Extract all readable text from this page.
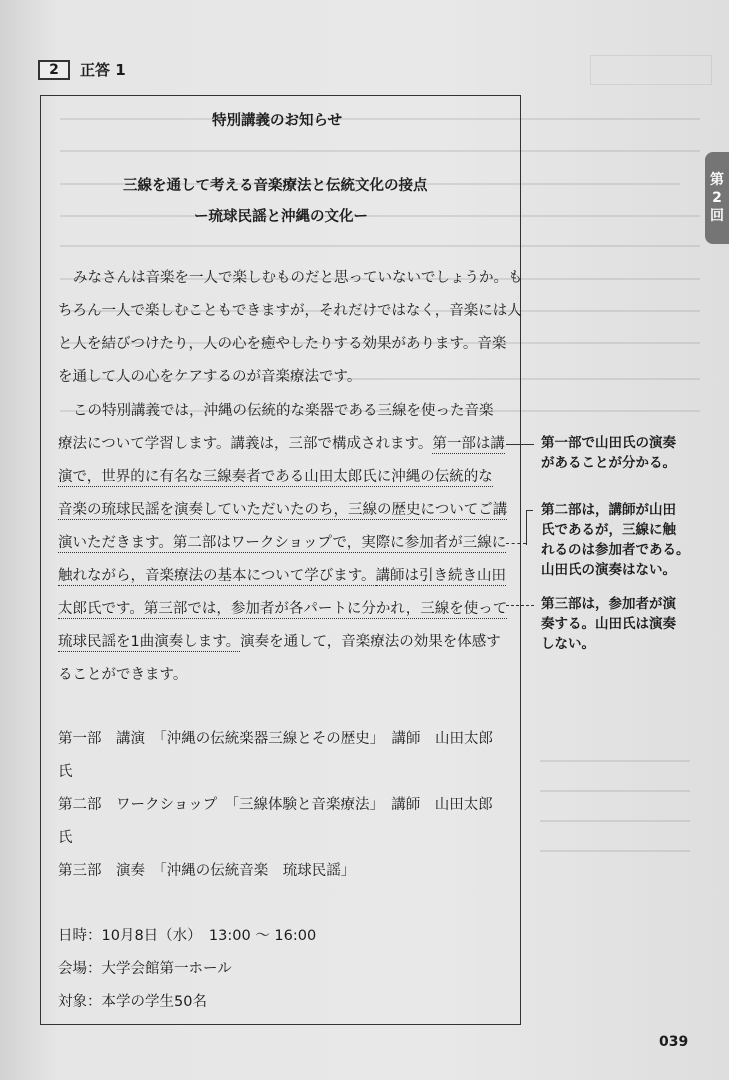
2	正答 1
第
2
回
特別講義のお知らせ
三線を通して考える音楽療法と伝統文化の接点
ー琉球民謡と沖縄の文化ー
みなさんは音楽を一人で楽しむものだと思っていないでしょうか。も
ちろん一人で楽しむこともできますが，それだけではなく，音楽には人
と人を結びつけたり，人の心を癒やしたりする効果があります。音楽
を通して人の心をケアするのが音楽療法です。
この特別講義では，沖縄の伝統的な楽器である三線を使った音楽
療法について学習します。講義は，三部で構成されます。第一部は講
演で，世界的に有名な三線奏者である山田太郎氏に沖縄の伝統的な
音楽の琉球民謡を演奏していただいたのち，三線の歴史についてご講
演いただきます。第二部はワークショップで，実際に参加者が三線に
触れながら，音楽療法の基本について学びます。講師は引き続き山田
太郎氏です。第三部では，参加者が各パートに分かれ，三線を使って
琉球民謡を1曲演奏します。演奏を通して，音楽療法の効果を体感す
ることができます。
第一部　講演　「沖縄の伝統楽器三線とその歴史」　講師　山田太郎
氏
第二部　ワークショップ　「三線体験と音楽療法」　講師　山田太郎
氏
第三部　演奏　「沖縄の伝統音楽　琉球民謡」
日時：10月8日（水）　13:00 〜 16:00
会場：大学会館第一ホール
対象：本学の学生50名
第一部で山田氏の演奏
があることが分かる。
第二部は，講師が山田
氏であるが，三線に触
れるのは参加者である。
山田氏の演奏はない。
第三部は，参加者が演
奏する。山田氏は演奏
しない。
039
